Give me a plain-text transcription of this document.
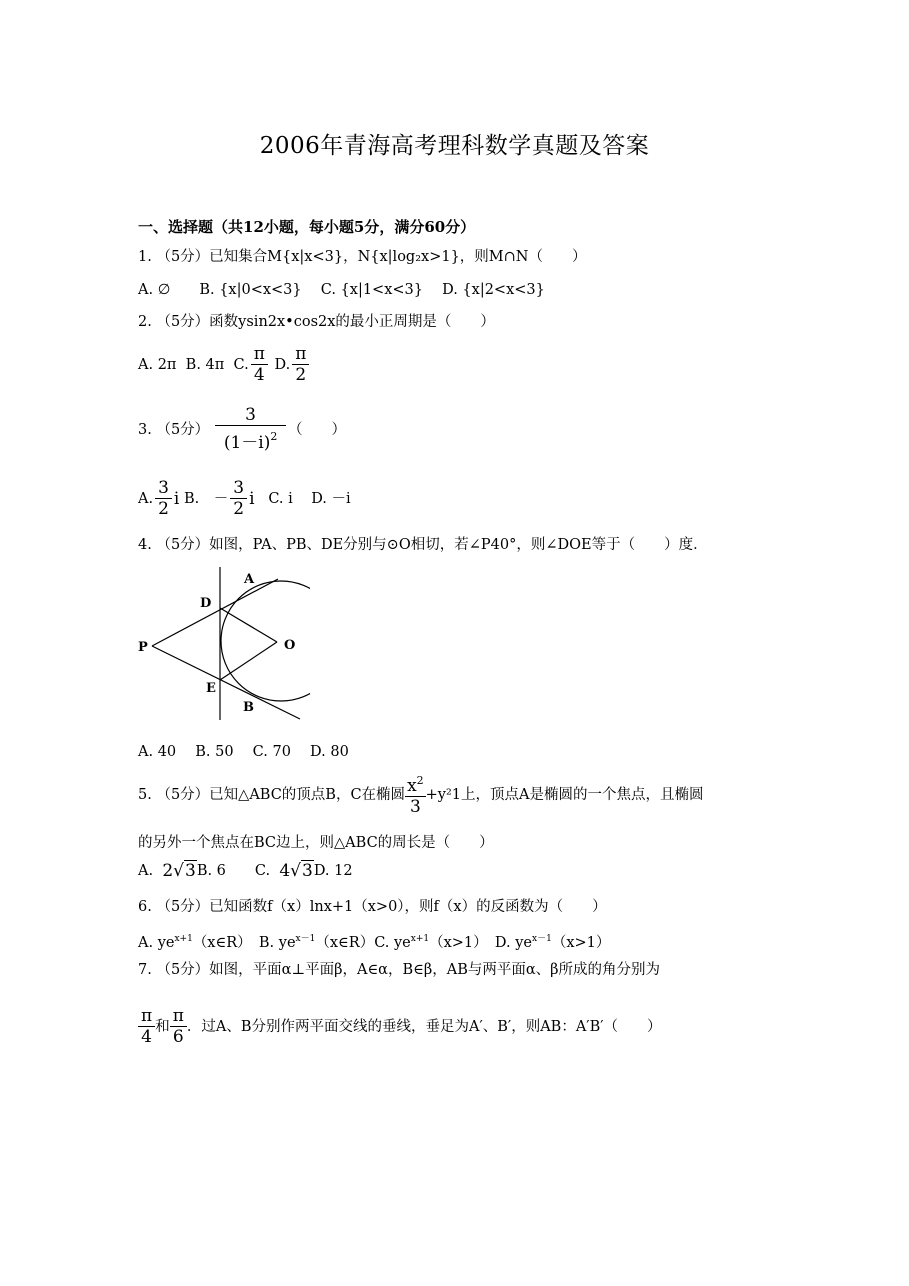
2006年青海高考理科数学真题及答案
一、选择题（共12小题，每小题5分，满分60分）
1. （5分）已知集合M{x|x<3}，N{x|log₂x>1}，则M∩N（　　）
A. ∅　　B. {x|0<x<3}　 C. {x|1<x<3}　 D. {x|2<x<3}
2. （5分）函数ysin2x•cos2x的最小正周期是（　　）
A. 2π
B. 4π
C. $\frac{\pi}{4}$
D. $\frac{\pi}{2}$
3. （5分） $\frac{3}{(1-i)^2}$ （　　）
A. $\frac{3}{2}$ i
B.　－ $\frac{3}{2}$ i
C. i
D. －i
4. （5分）如图，PA、PB、DE分别与⊙O相切，若∠P40°，则∠DOE等于（　　）度．
A
D
P	O
E
B
A. 40　 B. 50　 C. 70　 D. 80
5. （5分）已知△ABC的顶点B，C在椭圆 $\frac{x^2}{3} +y^21$上，顶点A是椭圆的一个焦点，且椭圆
的另外一个焦点在BC边上，则△ABC的周长是（　　）
A.
2 √ 3 B. 6　　C.
4 √ 3 D. 12
6. （5分）已知函数f（x）lnx+1（x>0），则f（x）的反函数为（　　）
A. $ye^{x+1}(x\in R)$　B. $ye^{x-1}(x\in R)C$. $ye^{x+1}(x>1)$　D. $ye^{x-1}(x>1)$
7. （5分）如图，平面α⊥平面β，A∈α，B∈β，AB与两平面α、β所成的角分别为
$\frac{\pi}{4}$ 和 $\frac{\pi}{6}$ ．过A、B分别作两平面交线的垂线，垂足为A′、B′，则AB：A′B′（　　）
